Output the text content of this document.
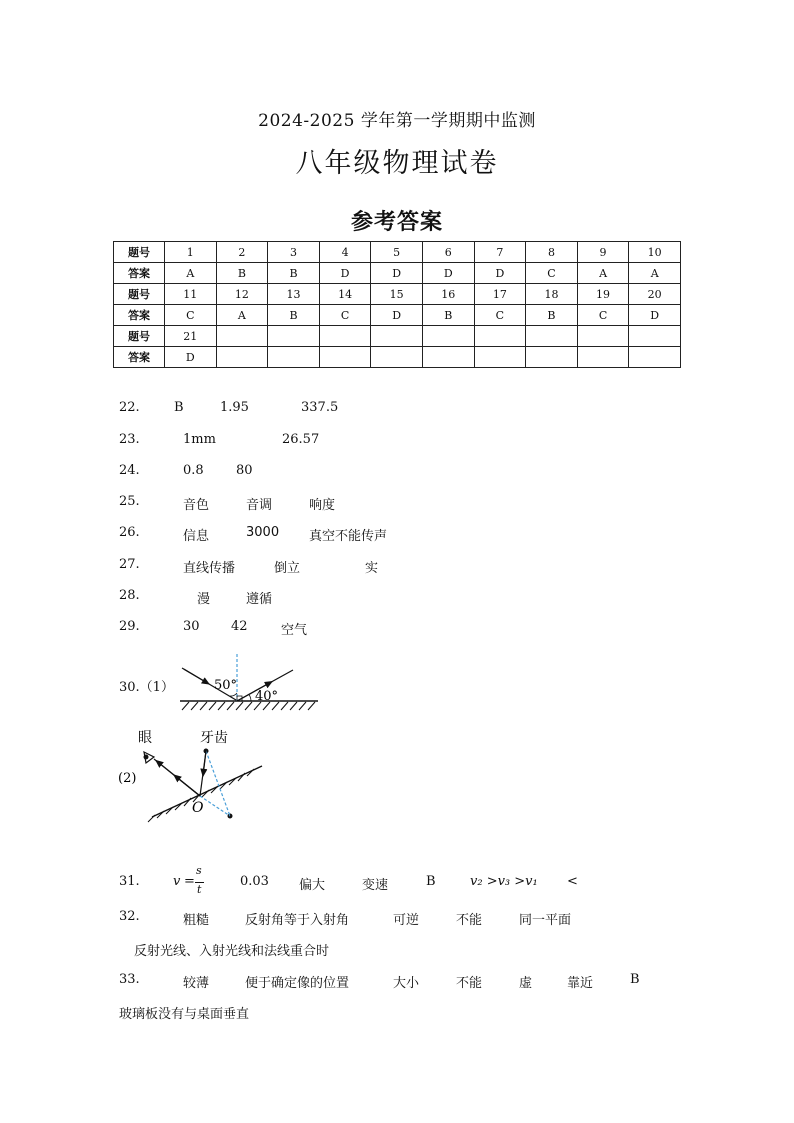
2024-2025 学年第一学期期中监测
八年级物理试卷
参考答案
题号	1	2	3	4	5	6	7	8	9	10
答案	A	B	B	D	D	D	D	C	A	A
题号	11	12	13	14	15	16	17	18	19	20
答案	C	A	B	C	D	B	C	B	C	D
题号	21									
答案	D									
22.	B	1.95	337.5
23.	1mm	26.57
24.	0.8 80
25.	音色	音调	响度
26.	信息	3000 真空不能传声
27.	直线传播	倒立	实
28.	漫	遵循
29.	30 42	空气
30.（1）	50°
40°
眼	牙齿
(2)
O
31.	v =
s
t
0.03 偏大	变速	B	v₂ >v₃ >v₁ <
32.	粗糙	反射角等于入射角	可逆	不能	同一平面
反射光线、入射光线和法线重合时
33.	较薄	便于确定像的位置	大小	不能	虚	靠近	B
玻璃板没有与桌面垂直
